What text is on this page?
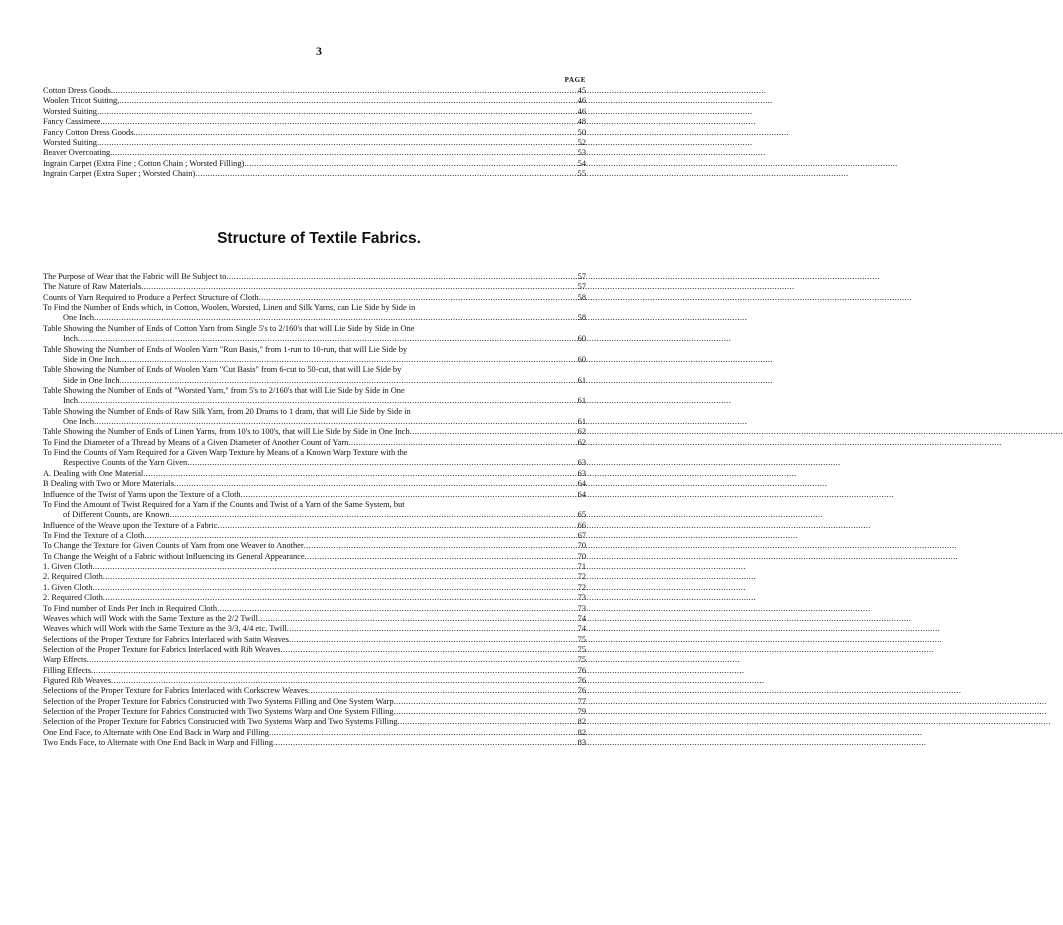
3
PAGE
Cotton Dress Goods. .....	45
Woolen Tricot Suiting, .....	46
Worsted Suiting. .....	46
Fancy Cassimere. .....	48
Fancy Cotton Dress Goods. .....	50
Worsted Suiting. .....	52
Beaver Overcoating. .....	53
Ingrain Carpet (Extra Fine ; Cotton Chain ; Worsted Filling) .....	54
Ingrain Carpet (Extra Super ; Worsted Chain) .....	55
Structure of Textile Fabrics.
The Purpose of Wear that the Fabric will Be Subject to .....	57
The Nature of Raw Materials .....	57
Counts of Yarn Required to Produce a Perfect Structure of Cloth .....	58
To Find the Number of Ends which, in Cotton, Woolen, Worsted, Linen and Silk Yarns, can Lie Side by Side in
One Inch .....	58
Table Showing the Number of Ends of Cotton Yarn from Single 5's to 2/160's that will Lie Side by Side in One
Inch .....	60
Table Showing the Number of Ends of Woolen Yarn "Run Basis," from 1-run to 10-run, that will Lie Side by
Side in One Inch .....	60
Table Showing the Number of Ends of Woolen Yarn "Cut Basis" from 6-cut to 50-cut, that will Lie Side by
Side in One Inch .....	61
Table Showing the Number of Ends of "Worsted Yarn," from 5's to 2/160's that will Lie Side by Side in One
Inch .....	61
Table Showing the Number of Ends of Raw Silk Yarn, from 20 Drams to 1 dram, that will Lie Side by Side in
One Inch .....	61
Table Showing the Number of Ends of Linen Yarns, from 10's to 100's, that will Lie Side by Side in One Inch .....	62
To Find the Diameter of a Thread by Means of a Given Diameter of Another Count of Yarn .....	62
To Find the Counts of Yarn Required for a Given Warp Texture by Means of a Known Warp Texture with the
Respective Counts of the Yarn Given .....	63
A. Dealing with One Material .....	63
B Dealing with Two or More Materials .....	64
Influence of the Twist of Yarns upon the Texture of a Cloth .....	64
To Find the Amount of Twist Required for a Yarn if the Counts and Twist of a Yarn of the Same System, but
of Different Counts, are Known .....	65
Influence of the Weave upon the Texture of a Fabric .....	66
To Find the Texture of a Cloth .....	67
To Change the Texture for Given Counts of Yarn from one Weaver to Another .....	70
To Change the Weight of a Fabric without Influencing its General Appearance .....	70
1. Given Cloth .....	71
2. Required Cloth .....	72
1. Given Cloth .....	72
2. Required Cloth .....	73
To Find number of Ends Per Inch in Required Cloth .....	73
Weaves which will Work with the Same Texture as the 2/2 Twill .....	74
Weaves which will Work with the Same Texture as the 3/3, 4/4 etc. Twill .....	74
Selections of the Proper Texture for Fabrics Interlaced with Satin Weaves .....	75
Selection of the Proper Texture for Fabrics Interlaced with Rib Weaves .....	75
Warp Effects .....	75
Filling Effects .....	76
Figured Rib Weaves .....	76
Selections of the Proper Texture for Fabrics Interlaced with Corkscrew Weaves .....	76
Selection of the Proper Texture for Fabrics Constructed with Two Systems Filling and One System Warp .....	77
Selection of the Proper Texture for Fabrics Constructed with Two Systems Warp and One System Filling .....	79
Selection of the Proper Texture for Fabrics Constructed with Two Systems Warp and Two Systems Filling .....	82
One End Face, to Alternate with One End Back in Warp and Filling .....	82
Two Ends Face, to Alternate with One End Back in Warp and Filling .....	83
